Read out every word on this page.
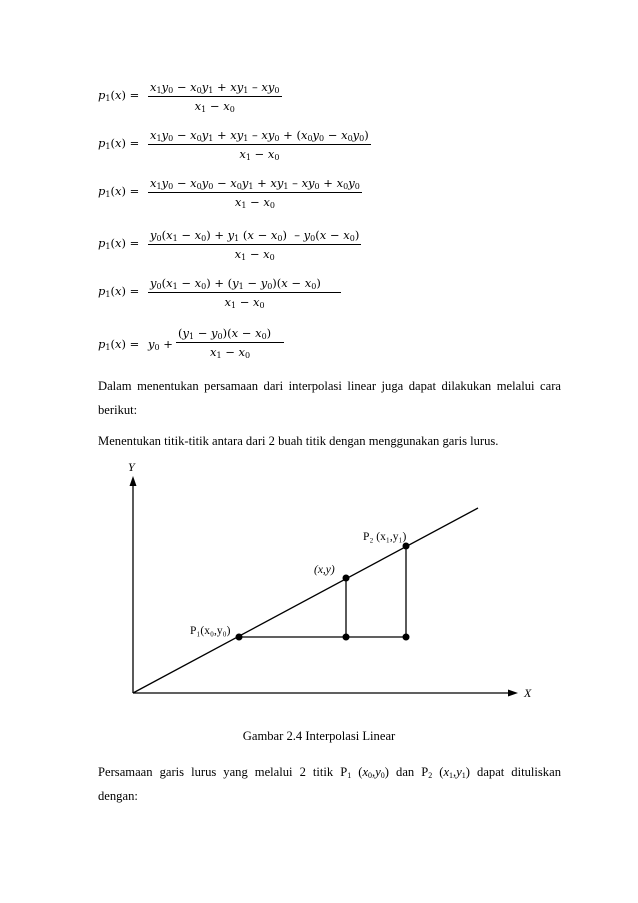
$p_1(x)$ =
$x_1y_0 - x_0y_1 + xy_1 - xy_0$
$x_1 - x_0$
$p_1(x)$ =
$x_1y_0 - x_0y_1 + xy_1 - xy_0 + (x_0y_0 - x_0y_0)$
$x_1 - x_0$
$p_1(x)$ =
$x_1y_0 - x_0y_0 - x_0y_1 + xy_1 - xy_0 + x_0y_0$
$x_1 - x_0$
$p_1(x)$ =
$y_0(x_1 - x_0) + y_1$ $(x - x_0) - y_0(x - x_0)$
$x_1 - x_0$
$p_1(x)$ =
$y_0(x_1 - x_0) + (y_1 - y_0)(x - x_0)$
$x_1 - x_0$
$p_1(x) = y_0$ +
$(y_1 - y_0)(x - x_0)$
$x_1 - x_0$
Dalam menentukan persamaan dari interpolasi linear juga dapat dilakukan melalui cara
berikut:
Menentukan titik-titik antara dari 2 buah titik dengan menggunakan garis lurus.
Y
X
P₁(x₀,y₀)
(x,y)
P₂ (x₁,y₁)
Gambar 2.4 Interpolasi Linear
Persamaan garis lurus yang melalui 2 titik $P_1$ $(x_0,y_0)$ dan $P_2$ $(x_1,y_1)$ dapat dituliskan
dengan:
